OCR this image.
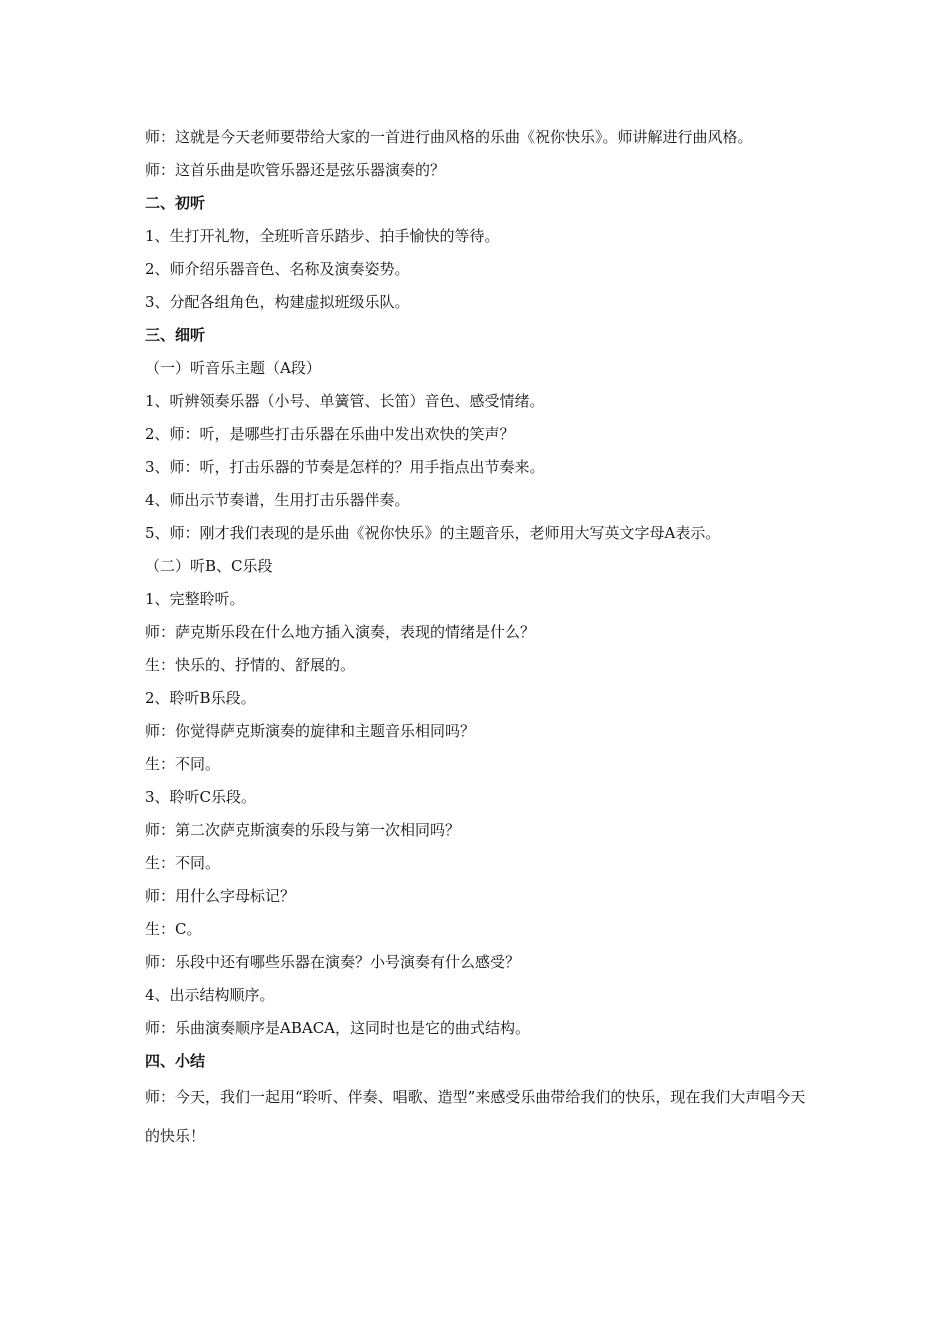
师：这就是今天老师要带给大家的一首进行曲风格的乐曲《祝你快乐》。师讲解进行曲风格。
师：这首乐曲是吹管乐器还是弦乐器演奏的？
二、初听
1、生打开礼物，全班听音乐踏步、拍手愉快的等待。
2、师介绍乐器音色、名称及演奏姿势。
3、分配各组角色，构建虚拟班级乐队。
三、细听
（一）听音乐主题（A段）
1、听辨领奏乐器（小号、单簧管、长笛）音色、感受情绪。
2、师：听，是哪些打击乐器在乐曲中发出欢快的笑声？
3、师：听，打击乐器的节奏是怎样的？用手指点出节奏来。
4、师出示节奏谱，生用打击乐器伴奏。
5、师：刚才我们表现的是乐曲《祝你快乐》的主题音乐，老师用大写英文字母A表示。
（二）听B、C乐段
1、完整聆听。
师：萨克斯乐段在什么地方插入演奏，表现的情绪是什么？
生：快乐的、抒情的、舒展的。
2、聆听B乐段。
师：你觉得萨克斯演奏的旋律和主题音乐相同吗？
生：不同。
3、聆听C乐段。
师：第二次萨克斯演奏的乐段与第一次相同吗？
生：不同。
师：用什么字母标记？
生：C。
师：乐段中还有哪些乐器在演奏？小号演奏有什么感受？
4、出示结构顺序。
师：乐曲演奏顺序是ABACA，这同时也是它的曲式结构。
四、小结
师：今天，我们一起用“聆听、伴奏、唱歌、造型”来感受乐曲带给我们的快乐，现在我们大声唱今天的快乐！
